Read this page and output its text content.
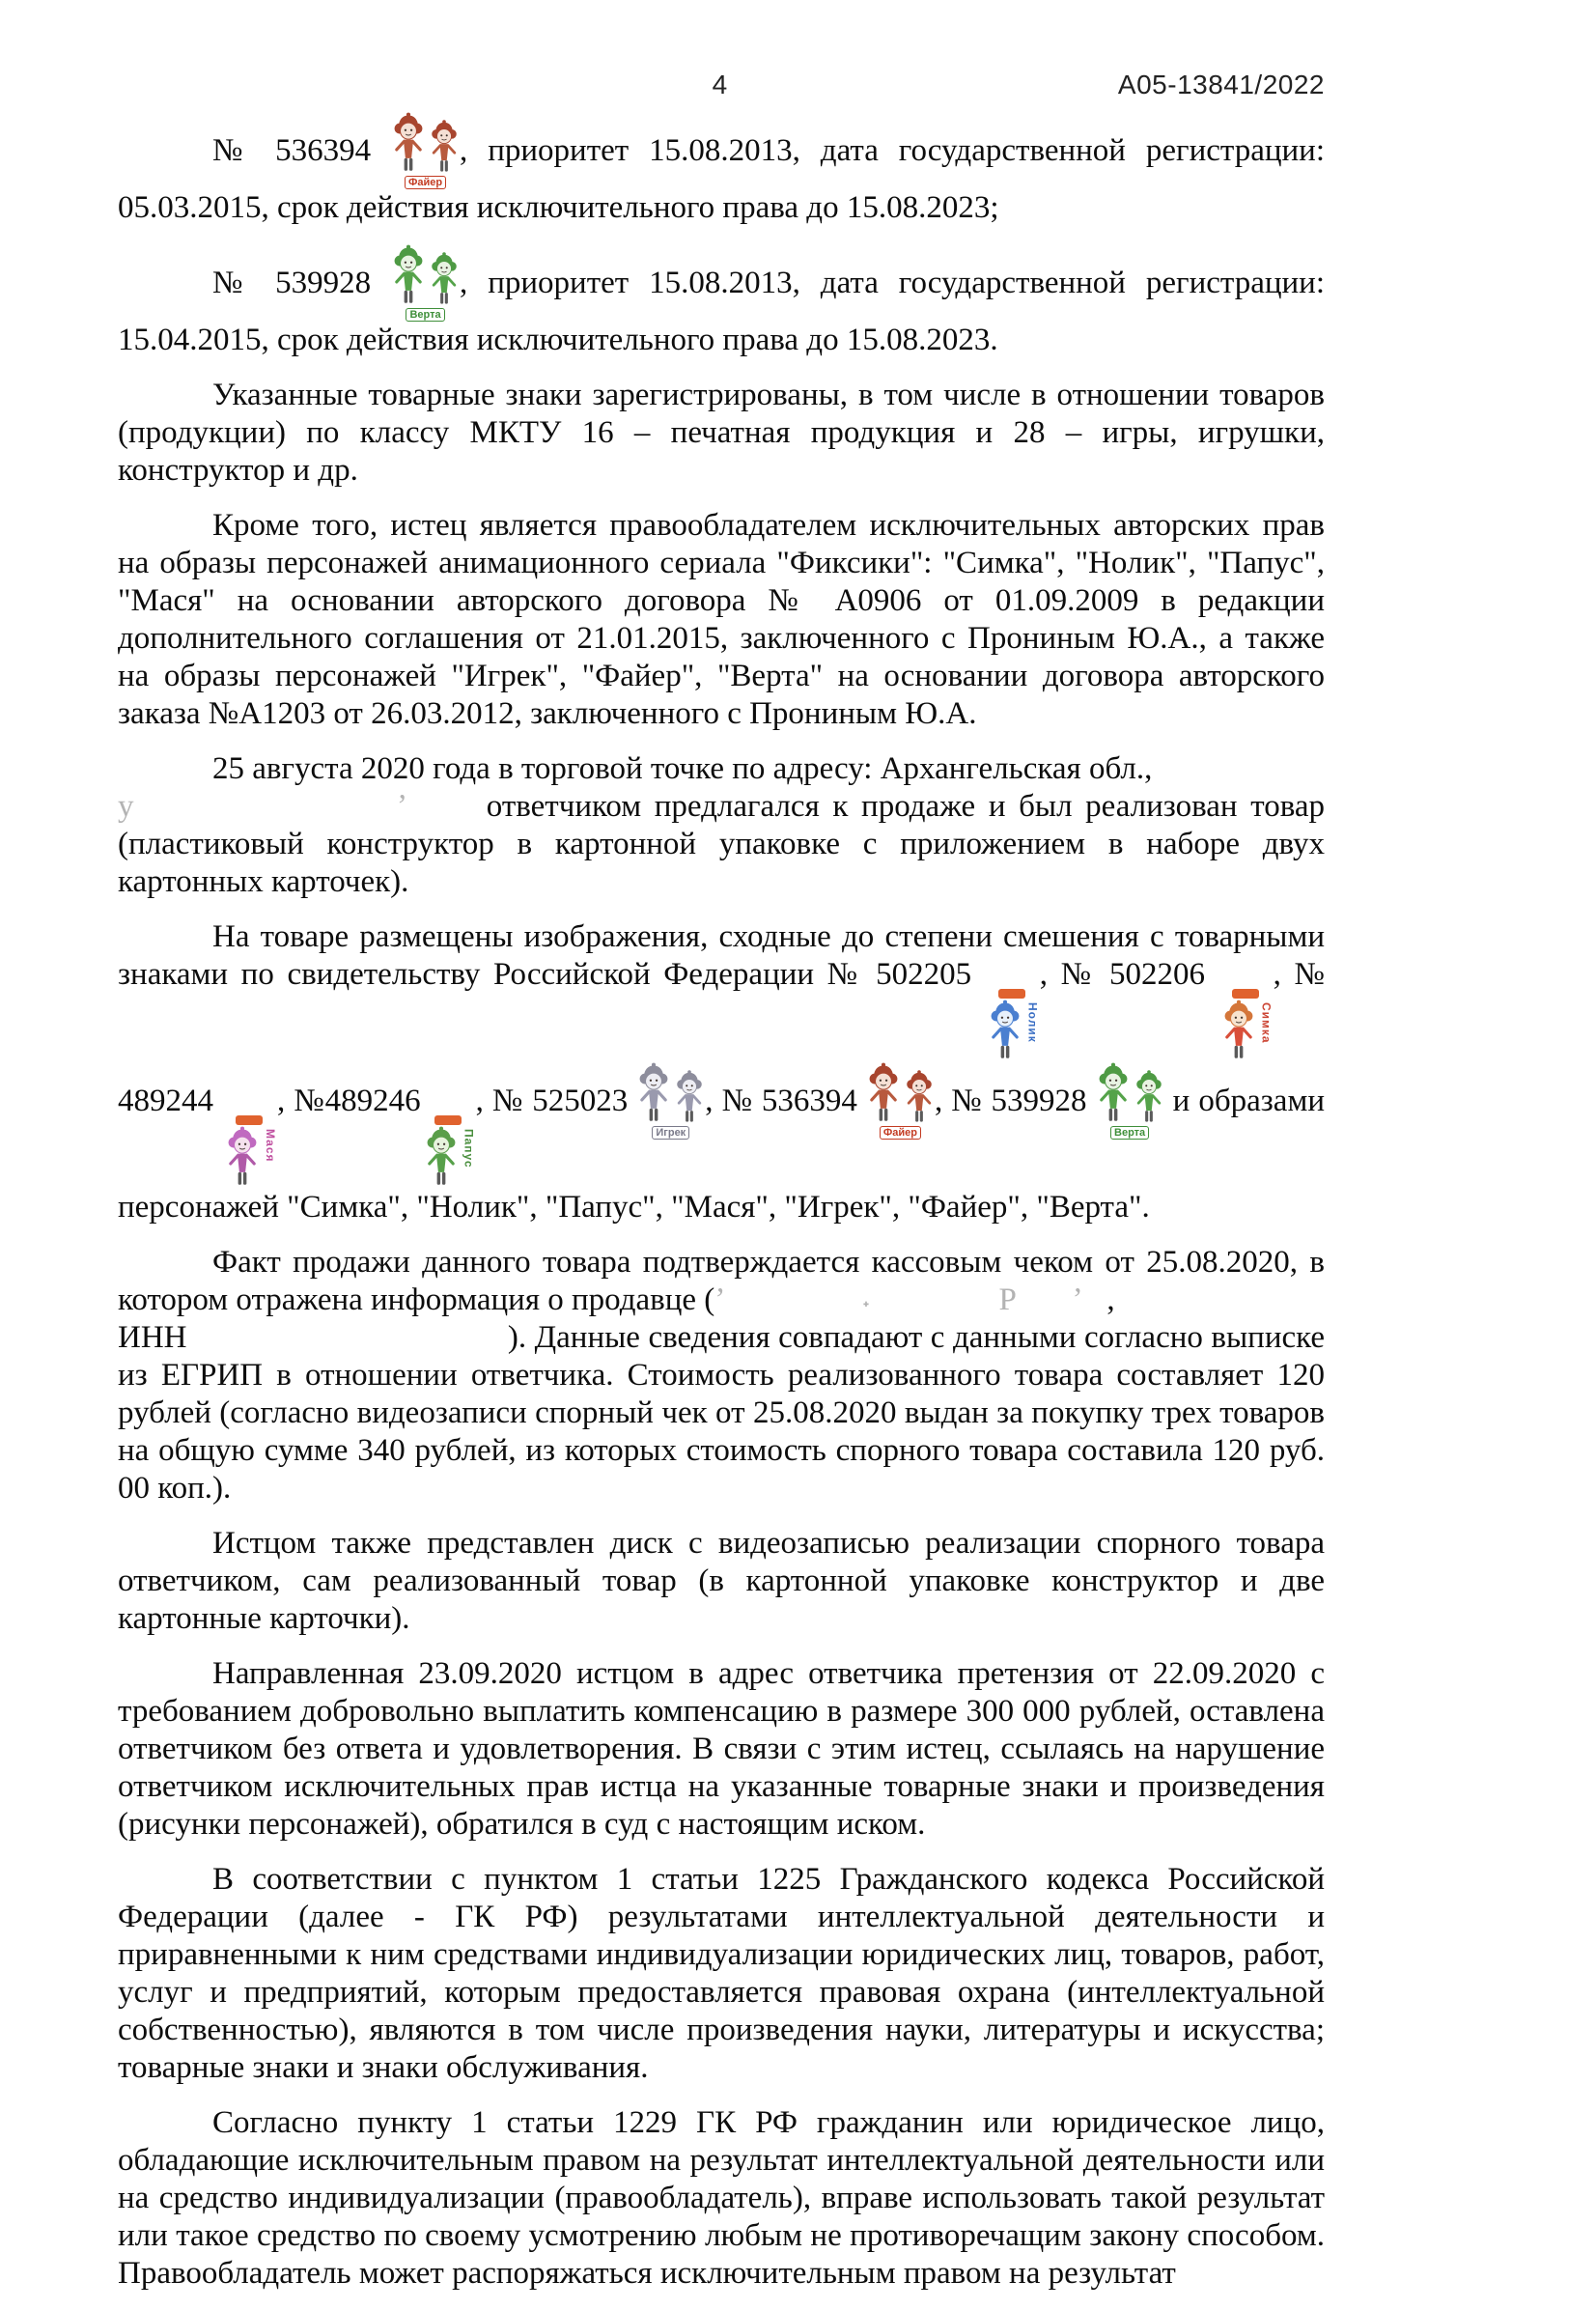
4	А05-13841/2022

№ 536394
Файер
, приоритет 15.08.2013, дата государственной регистрации: 05.03.2015, срок действия исключительного права до 15.08.2023;

№ 539928
Верта
, приоритет 15.08.2013, дата государственной регистрации: 15.04.2015, срок действия исключительного права до 15.08.2023.

Указанные товарные знаки зарегистрированы, в том числе в отношении товаров (продукции) по классу МКТУ 16 – печатная продукция и 28 – игры, игрушки, конструктор и др.

Кроме того, истец является правообладателем исключительных авторских прав на образы персонажей анимационного сериала "Фиксики": "Симка", "Нолик", "Папус", "Мася" на основании авторского договора № А0906 от 01.09.2009 в редакции дополнительного соглашения от 21.01.2015, заключенного с Прониным Ю.А., а также на образы персонажей "Игрек", "Файер", "Верта" на основании договора авторского заказа №А1203 от 26.03.2012, заключенного с Прониным Ю.А.

25 августа 2020 года в торговой точке по адресу: Архангельская обл.,
у                    ʼ      ответчиком предлагался к продаже и был реализован товар (пластиковый конструктор в картонной упаковке с приложением в наборе двух картонных карточек).

На товаре размещены изображения, сходные до степени смешения с товарными знаками по свидетельству Российской Федерации № 502205
Нолик
, № 502206
Симка
, № 489244
Мася
, №489246
Папус
, № 525023
Игрек
, № 536394
Файер
, № 539928
Верта
и образами персонажей "Симка", "Нолик", "Папус", "Мася", "Игрек", "Файер", "Верта".

Факт продажи данного товара подтверждается кассовым чеком от 25.08.2020, в котором отражена информация о продавце (ʼ                 ˖                Р       ʼ   ,
ИНН	). Данные сведения совпадают с данными согласно выписке из ЕГРИП в отношении ответчика. Стоимость реализованного товара составляет 120 рублей (согласно видеозаписи спорный чек от 25.08.2020 выдан за покупку трех товаров на общую сумме 340 рублей, из которых стоимость спорного товара составила 120 руб. 00 коп.).

Истцом также представлен диск с видеозаписью реализации спорного товара ответчиком, сам реализованный товар (в картонной упаковке конструктор и две картонные карточки).

Направленная 23.09.2020 истцом в адрес ответчика претензия от 22.09.2020 с требованием добровольно выплатить компенсацию в размере 300 000 рублей, оставлена ответчиком без ответа и удовлетворения. В связи с этим истец, ссылаясь на нарушение ответчиком исключительных прав истца на указанные товарные знаки и произведения (рисунки персонажей), обратился в суд с настоящим иском.

В соответствии с пунктом 1 статьи 1225 Гражданского кодекса Российской Федерации (далее - ГК РФ) результатами интеллектуальной деятельности и приравненными к ним средствами индивидуализации юридических лиц, товаров, работ, услуг и предприятий, которым предоставляется правовая охрана (интеллектуальной собственностью), являются в том числе произведения науки, литературы и искусства; товарные знаки и знаки обслуживания.

Согласно пункту 1 статьи 1229 ГК РФ гражданин или юридическое лицо, обладающие исключительным правом на результат интеллектуальной деятельности или на средство индивидуализации (правообладатель), вправе использовать такой результат или такое средство по своему усмотрению любым не противоречащим закону способом. Правообладатель может распоряжаться исключительным правом на результат
